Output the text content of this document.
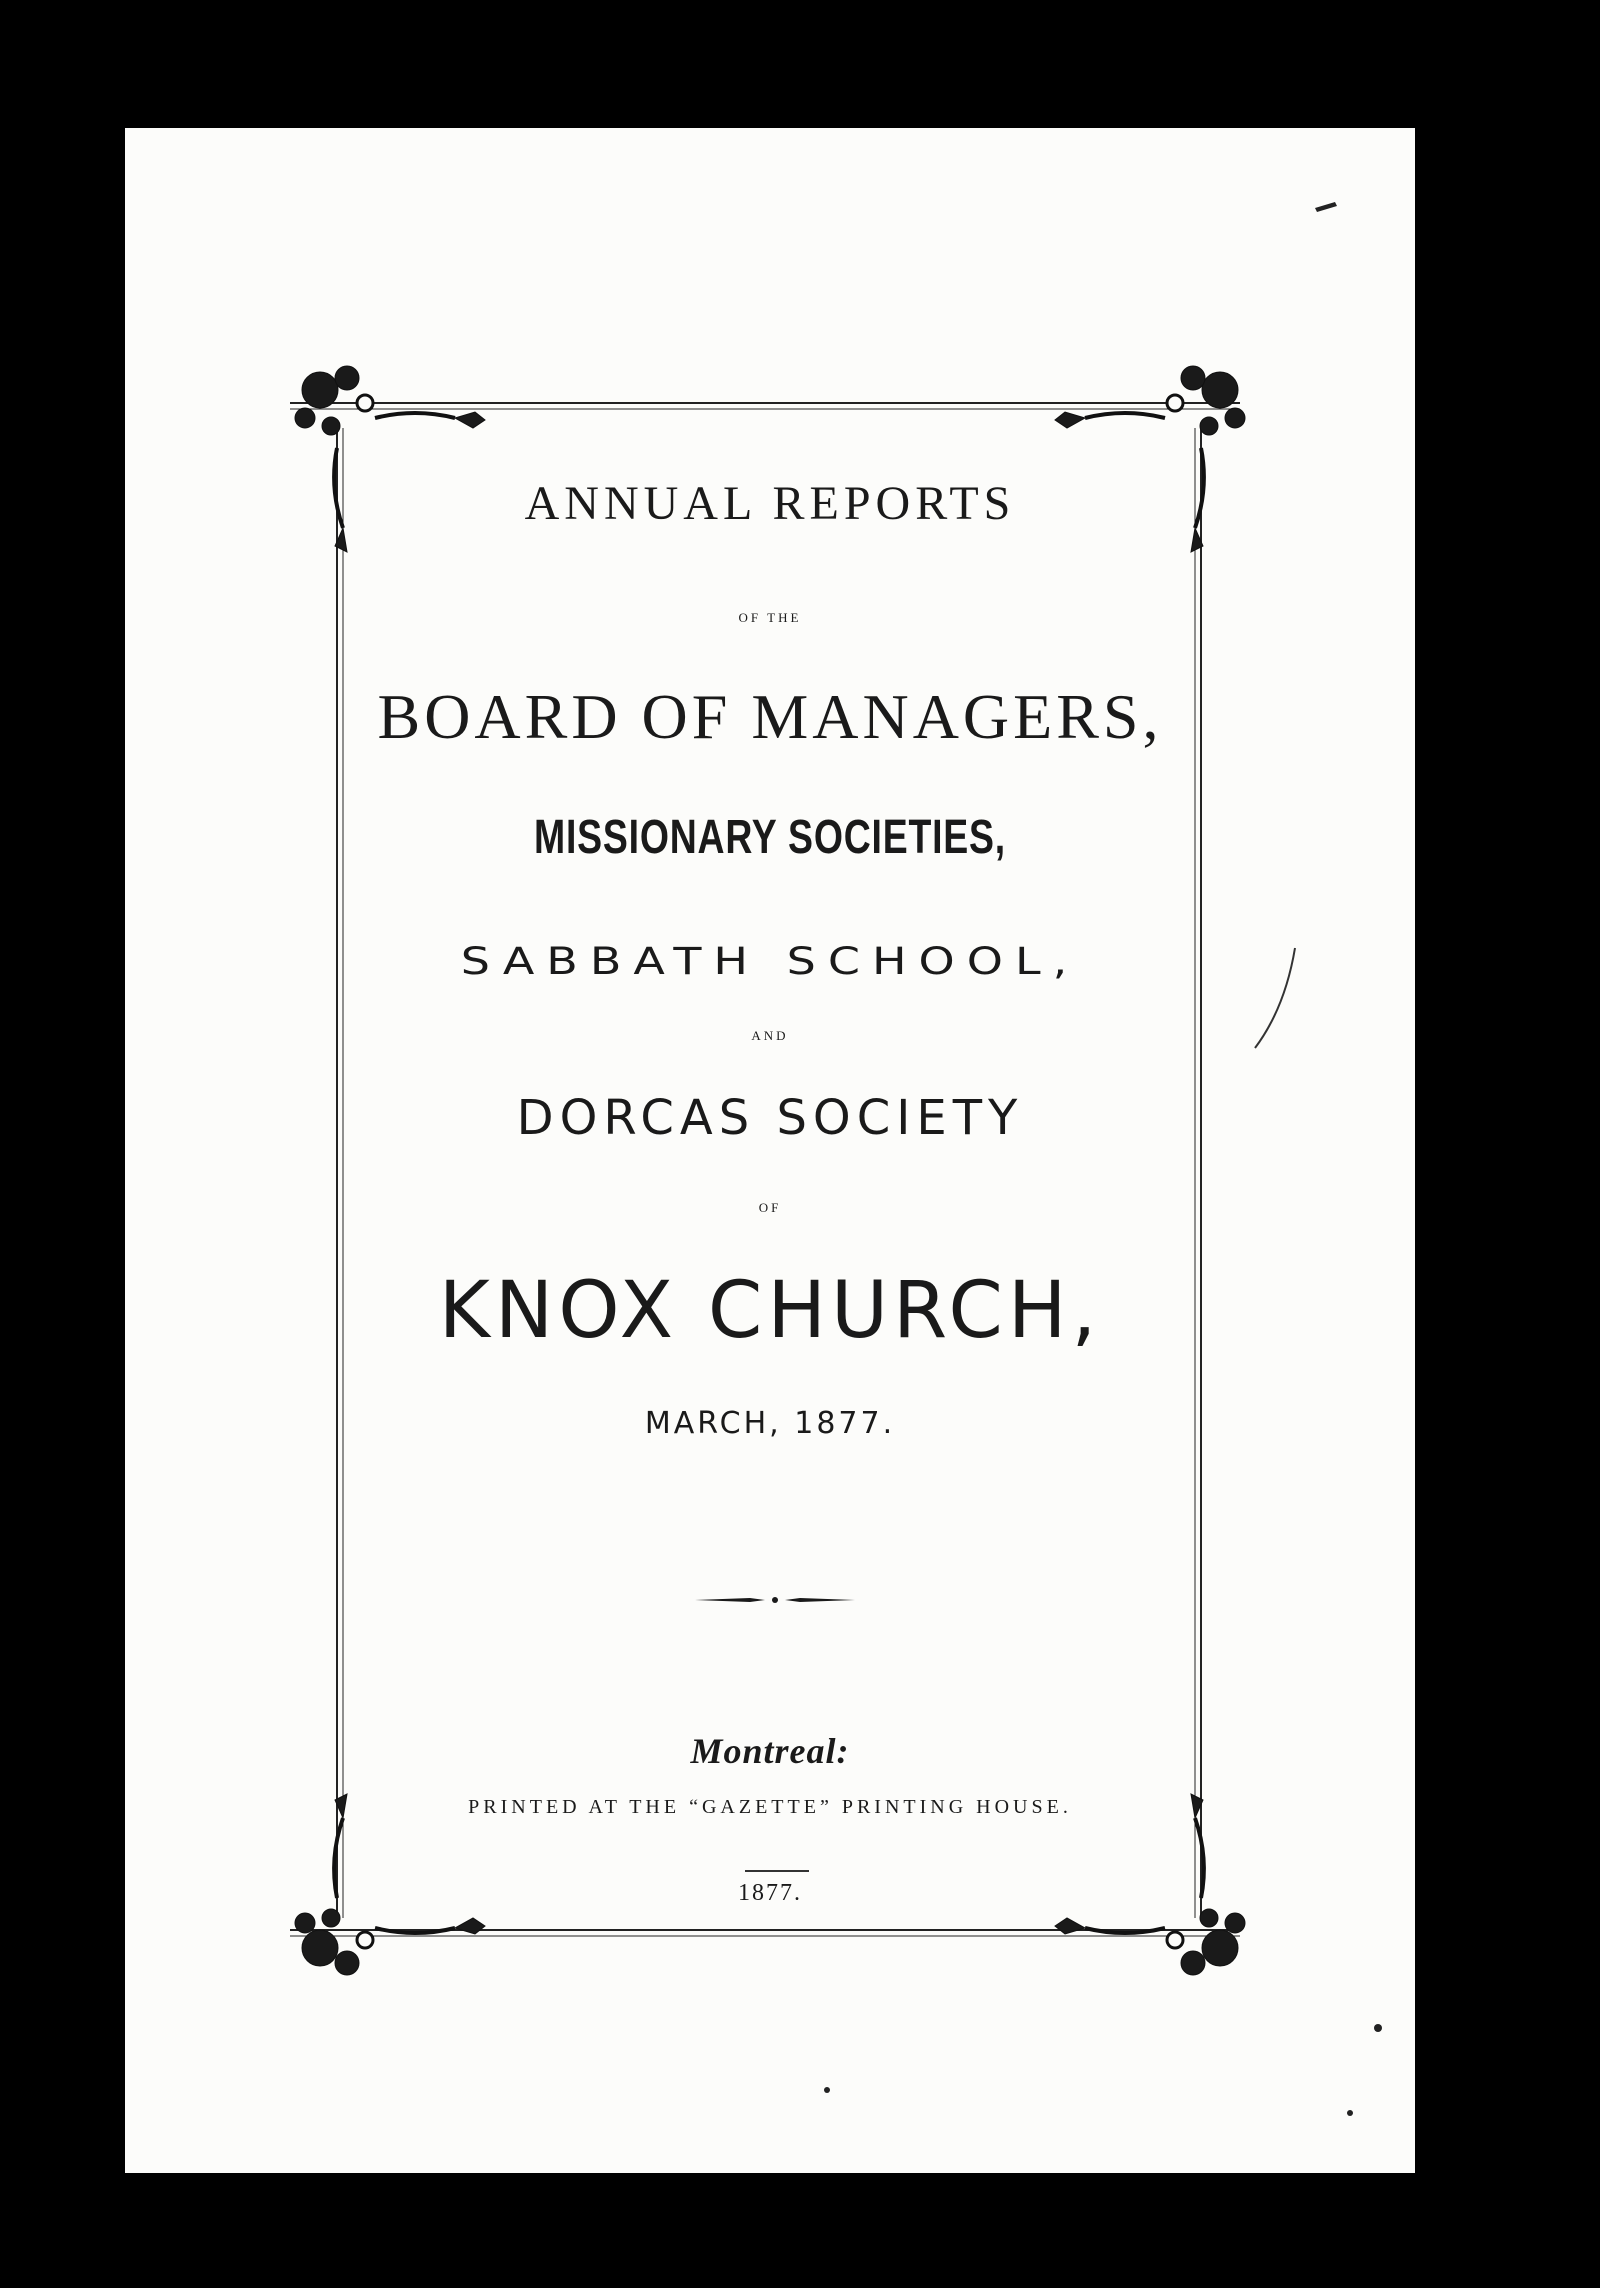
ANNUAL REPORTS
OF THE
BOARD OF MANAGERS,
MISSIONARY SOCIETIES,
SABBATH SCHOOL,
AND
DORCAS SOCIETY
OF
KNOX CHURCH,
MARCH, 1877.
Montreal:
PRINTED AT THE “GAZETTE” PRINTING HOUSE.
1877.
